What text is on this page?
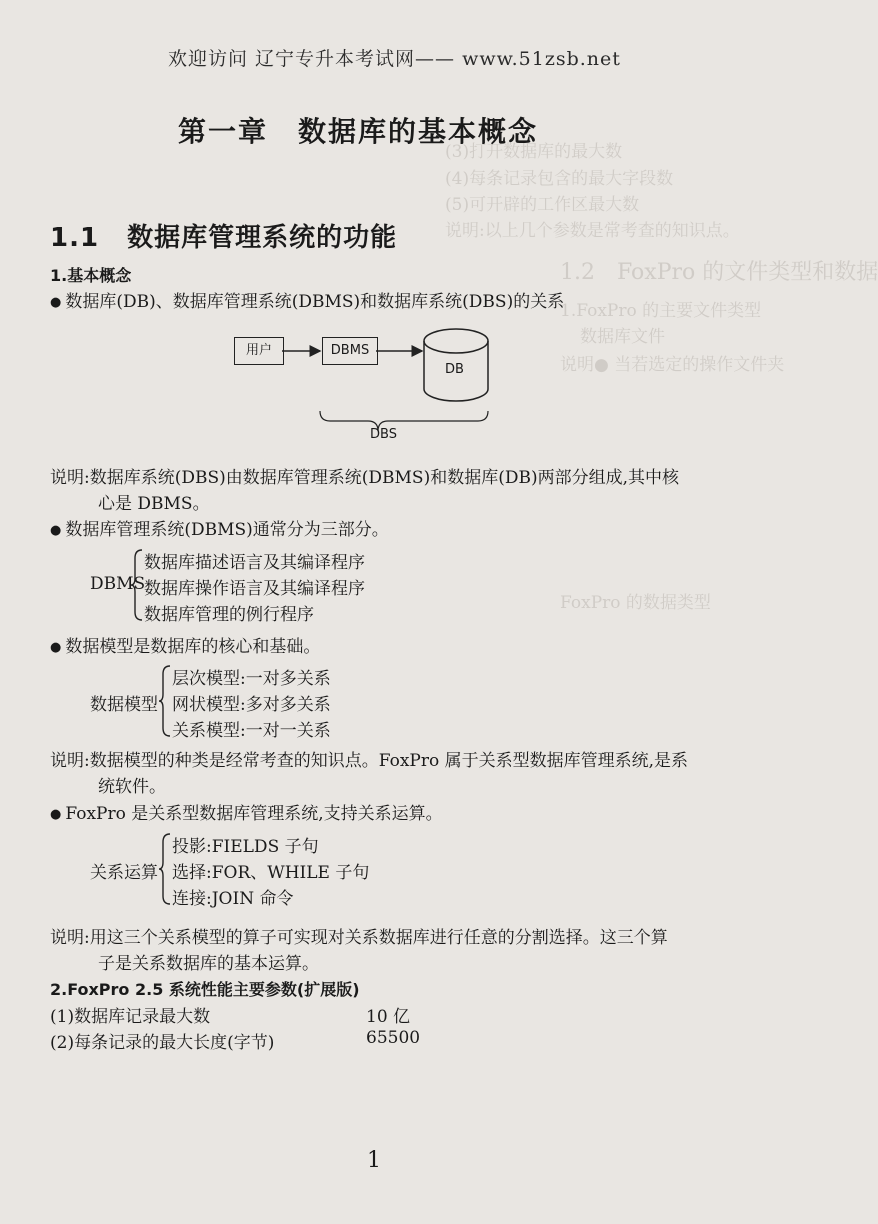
(3)打开数据库的最大数
(4)每条记录包含的最大字段数
(5)可开辟的工作区最大数
说明:以上几个参数是常考查的知识点。
1.2　FoxPro 的文件类型和数据
1.FoxPro 的主要文件类型
数据库文件
说明● 当若选定的操作文件夹
FoxPro 的数据类型
欢迎访问 辽宁专升本考试网—— www.51zsb.net
第一章　数据库的基本概念
1.1 数据库管理系统的功能
1.基本概念
● 数据库(DB)、数据库管理系统(DBMS)和数据库系统(DBS)的关系
用户	DBMS
DB
DBS
说明:数据库系统(DBS)由数据库管理系统(DBMS)和数据库(DB)两部分组成,其中核
心是 DBMS。
● 数据库管理系统(DBMS)通常分为三部分。
DBMS
数据库描述语言及其编译程序
数据库操作语言及其编译程序
数据库管理的例行程序
● 数据模型是数据库的核心和基础。
数据模型
层次模型:一对多关系
网状模型:多对多关系
关系模型:一对一关系
说明:数据模型的种类是经常考查的知识点。FoxPro 属于关系型数据库管理系统,是系
统软件。
● FoxPro 是关系型数据库管理系统,支持关系运算。
关系运算
投影:FIELDS 子句
选择:FOR、WHILE 子句
连接:JOIN 命令
说明:用这三个关系模型的算子可实现对关系数据库进行任意的分割选择。这三个算
子是关系数据库的基本运算。
2.FoxPro 2.5 系统性能主要参数(扩展版)
(1)数据库记录最大数	10 亿
(2)每条记录的最大长度(字节)	65500
1
